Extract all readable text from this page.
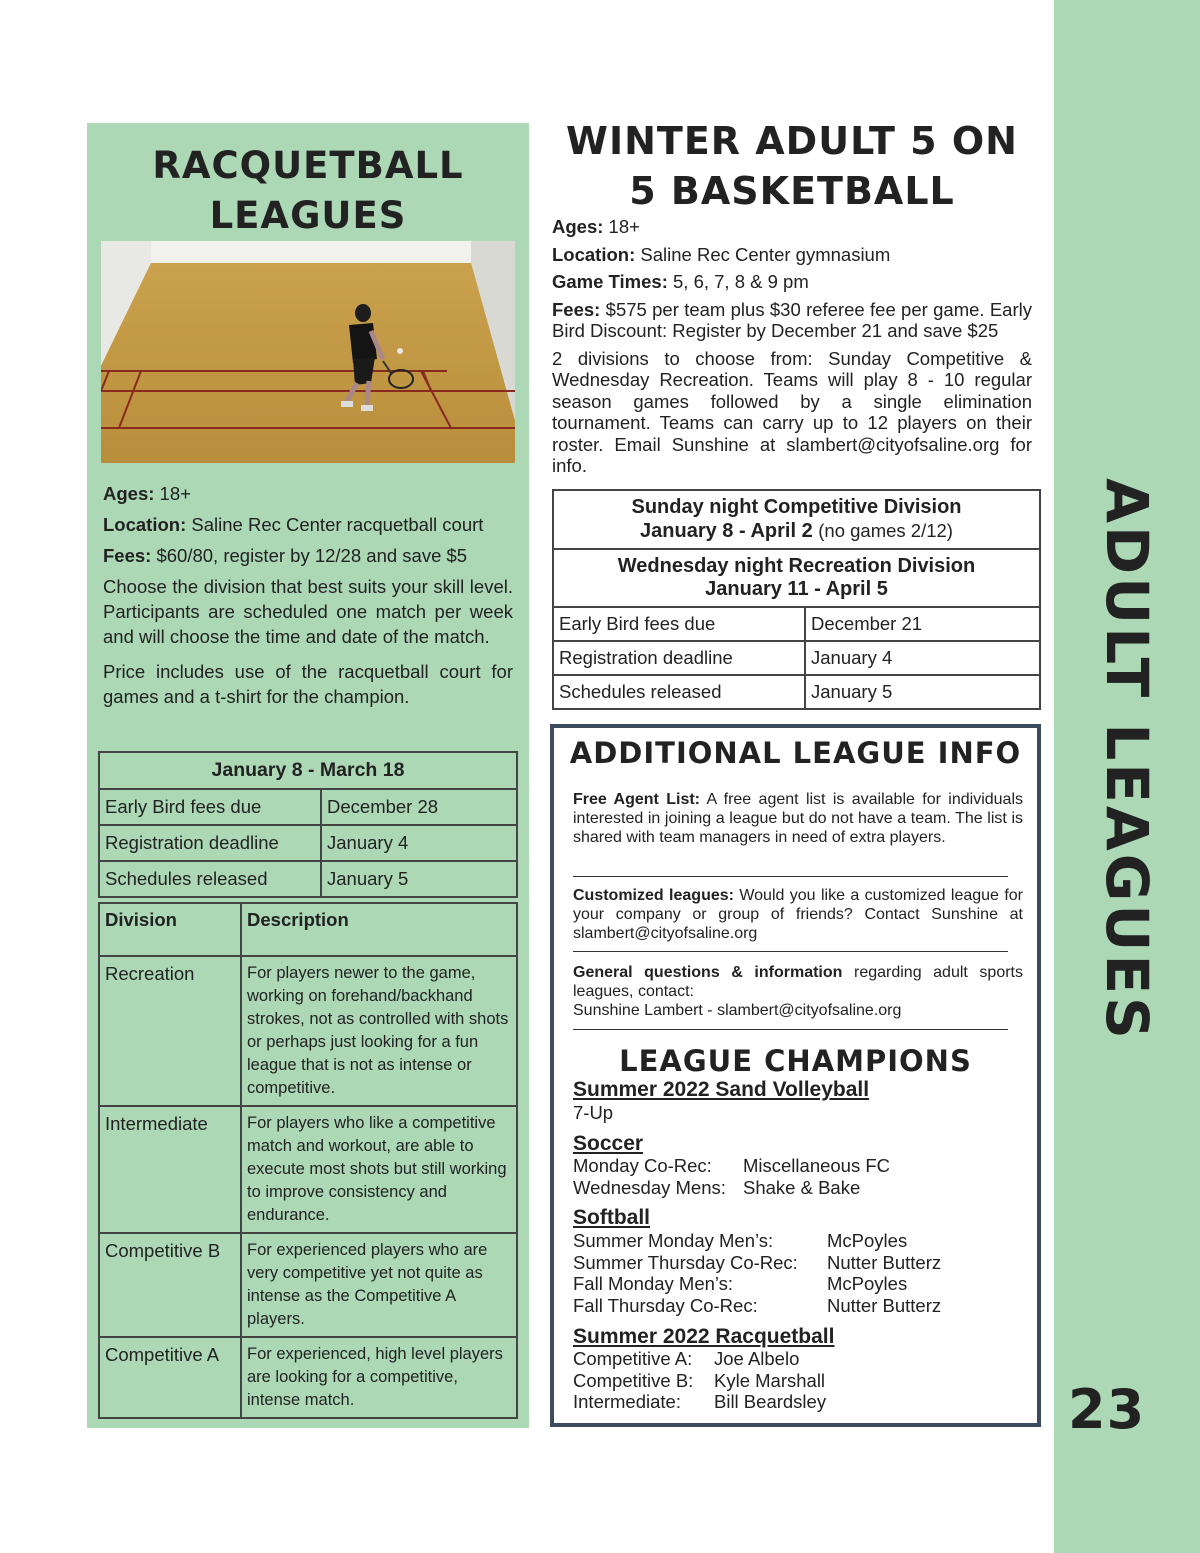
ADULT LEAGUES
23
RACQUETBALL
LEAGUES

Ages: 18+

Location: Saline Rec Center racquetball court

Fees: $60/80, register by 12/28 and save $5

Choose the division that best suits your skill level. Participants are scheduled one match per week and will choose the time and date of the match.

Price includes use of the racquetball court for games and a t-shirt for the champion.

January 8 - March 18	
Early Bird fees due	December 28
Registration deadline	January 4
Schedules released	January 5
Division	Description
Recreation	For players newer to the game, working on forehand/backhand strokes, not as controlled with shots or perhaps just looking for a fun league that is not as intense or competitive.
Intermediate	For players who like a competitive match and workout, are able to execute most shots but still working to improve consistency and endurance.
Competitive B	For experienced players who are very competitive yet not quite as intense as the Competitive A players.
Competitive A	For experienced, high level players are looking for a competitive, intense match.
WINTER ADULT 5 ON
5 BASKETBALL

Ages: 18+

Location: Saline Rec Center gymnasium

Game Times: 5, 6, 7, 8 & 9 pm

Fees: $575 per team plus $30 referee fee per game. Early Bird Discount: Register by December 21 and save $25

2 divisions to choose from: Sunday Competitive & Wednesday Recreation. Teams will play 8 - 10 regular season games followed by a single elimination tournament. Teams can carry up to 12 players on their roster. Email Sunshine at slambert@cityofsaline.org for info.

Sunday night Competitive Division
January 8 - April 2 (no games 2/12)	

Wednesday night Recreation Division
January 11 - April 5	

Early Bird fees due	December 21
Registration deadline	January 4
Schedules released	January 5
ADDITIONAL LEAGUE INFO

Free Agent List: A free agent list is available for individuals interested in joining a league but do not have a team. The list is shared with team managers in need of extra players.

Customized leagues: Would you like a customized league for your company or group of friends? Contact Sunshine at slambert@cityofsaline.org

General questions & information regarding adult sports leagues, contact:
Sunshine Lambert - slambert@cityofsaline.org

LEAGUE CHAMPIONS
Summer 2022 Sand Volleyball
7-Up
Soccer
Monday Co-Rec: Miscellaneous FC
Wednesday Mens: Shake & Bake
Softball
Summer Monday Men’s:	McPoyles
Summer Thursday Co-Rec: Nutter Butterz
Fall Monday Men’s:	McPoyles
Fall Thursday Co-Rec:	Nutter Butterz
Summer 2022 Racquetball
Competitive A: Joe Albelo
Competitive B: Kyle Marshall
Intermediate: Bill Beardsley
